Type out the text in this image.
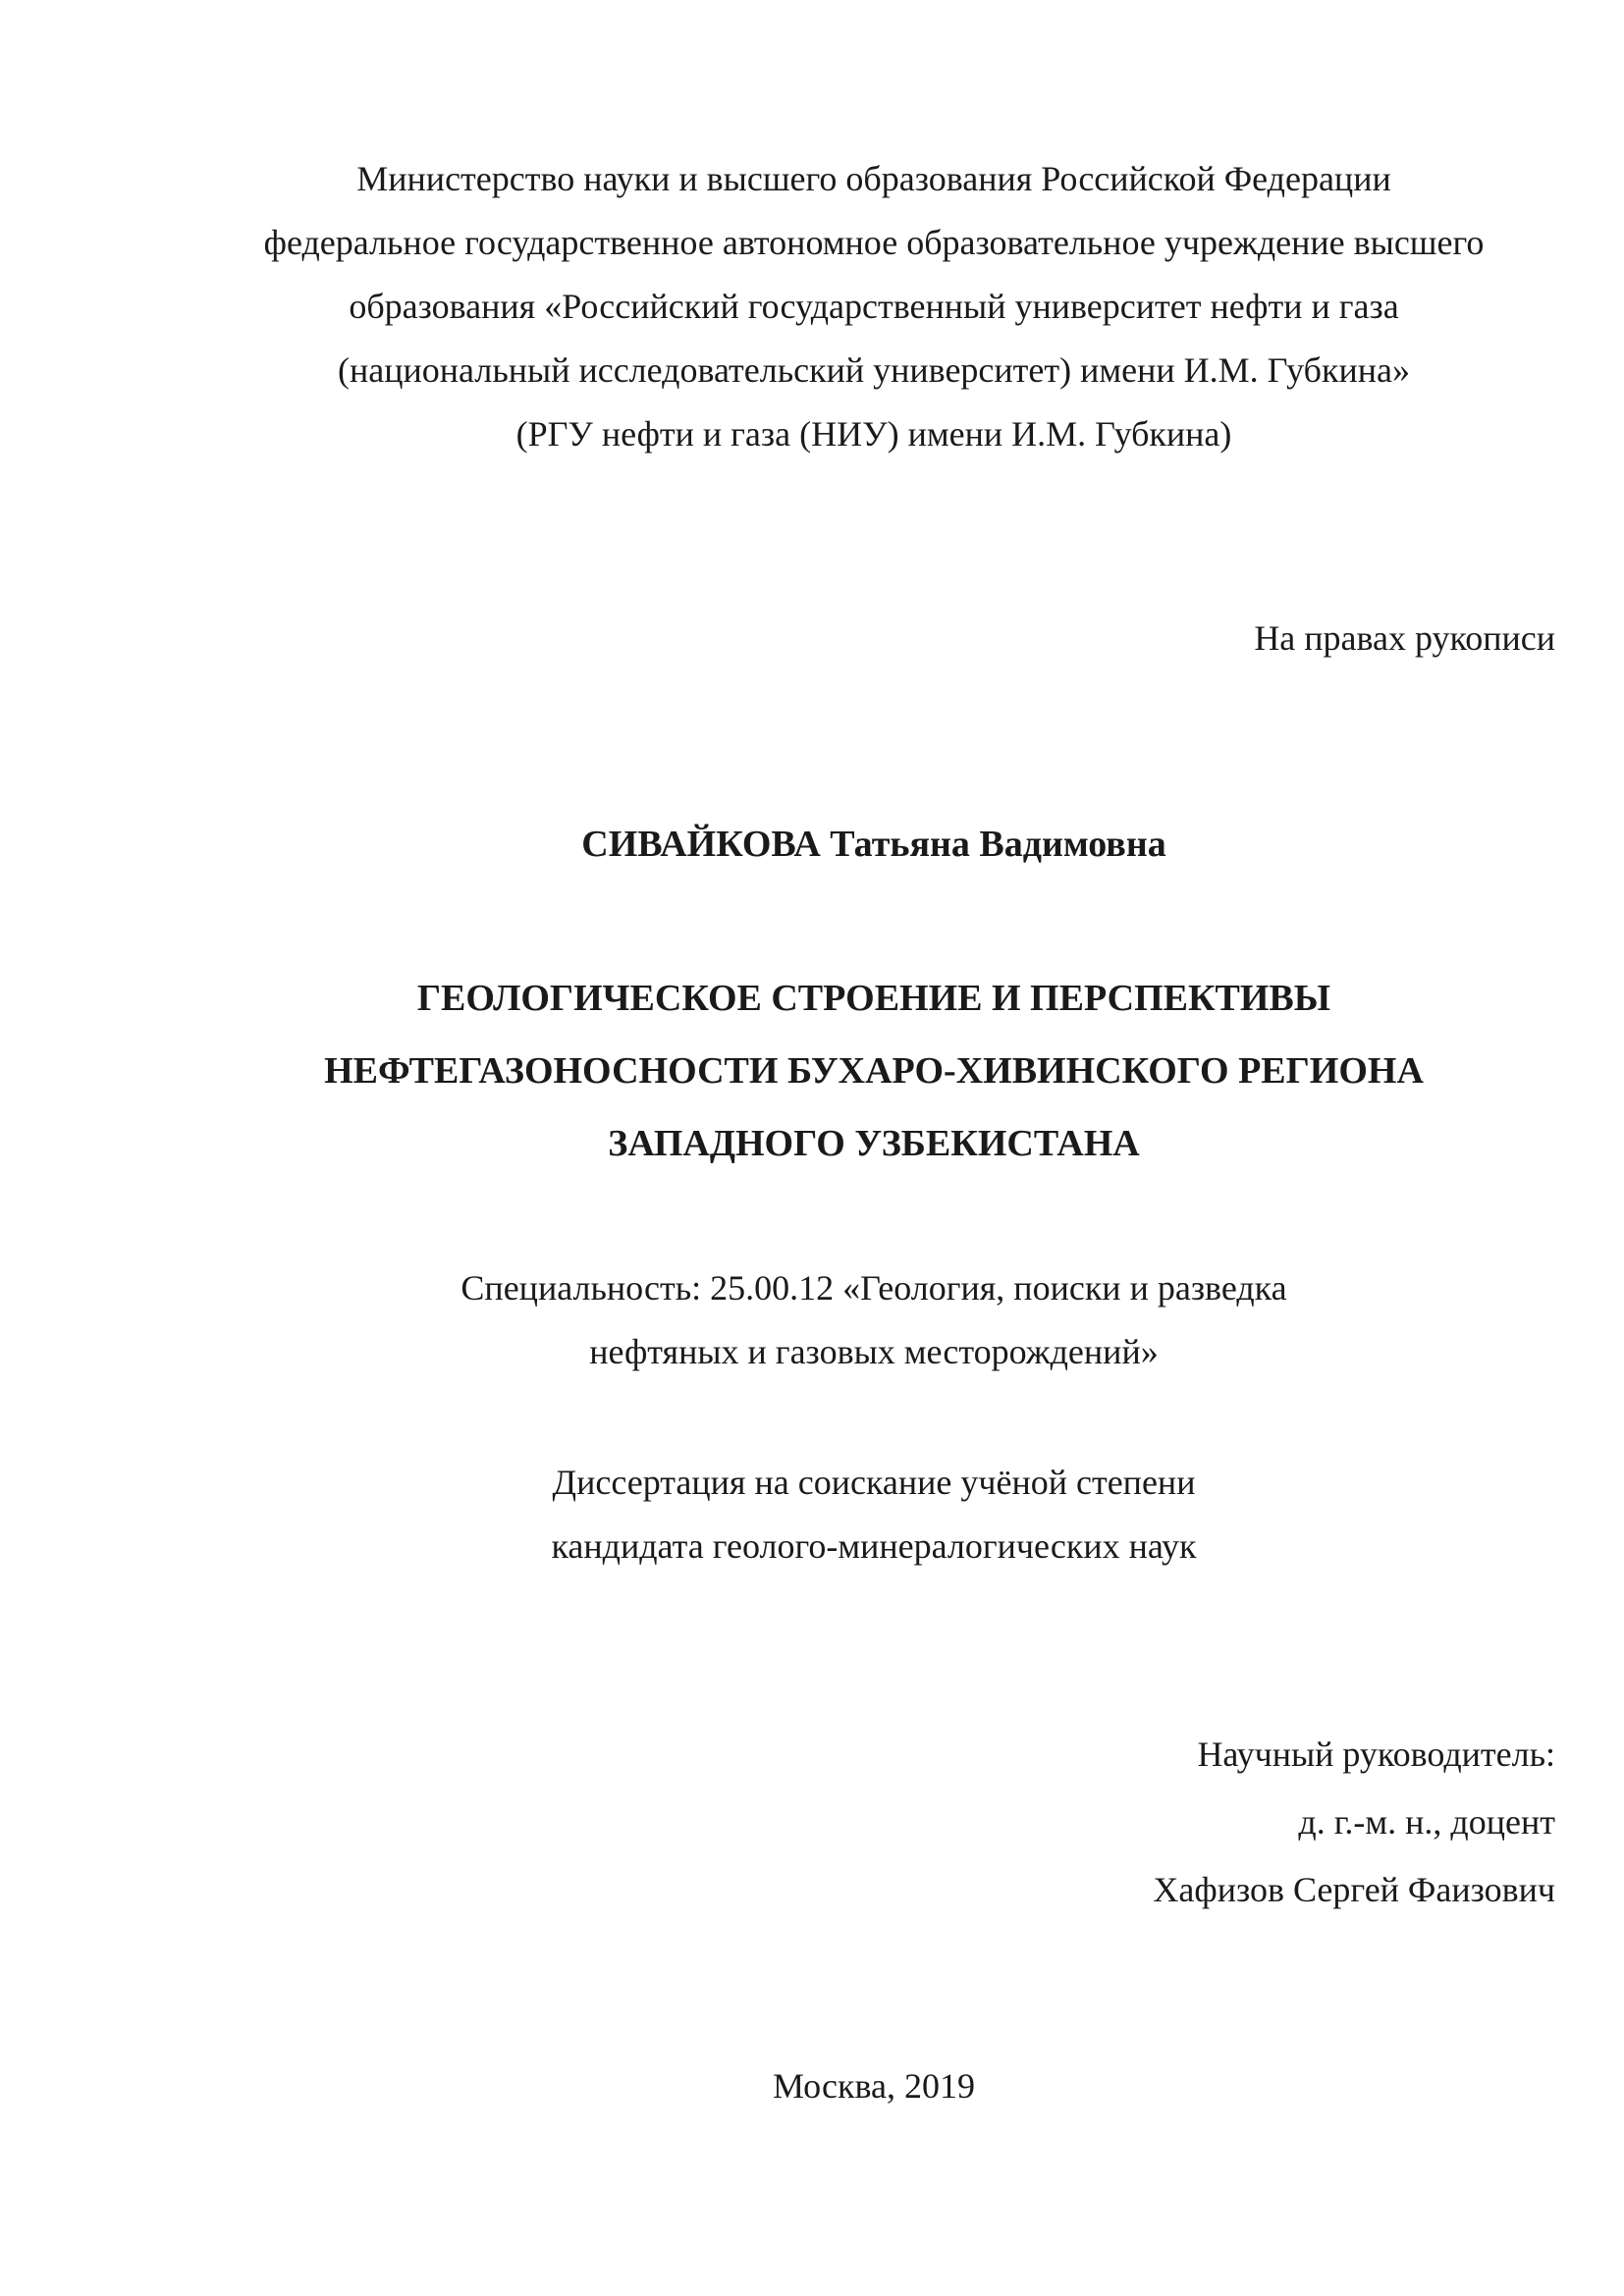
Министерство науки и высшего образования Российской Федерации
федеральное государственное автономное образовательное учреждение высшего
образования «Российский государственный университет нефти и газа
(национальный исследовательский университет) имени И.М. Губкина»
(РГУ нефти и газа (НИУ) имени И.М. Губкина)
На правах рукописи
СИВАЙКОВА Татьяна Вадимовна
ГЕОЛОГИЧЕСКОЕ СТРОЕНИЕ И ПЕРСПЕКТИВЫ
НЕФТЕГАЗОНОСНОСТИ БУХАРО-ХИВИНСКОГО РЕГИОНА
ЗАПАДНОГО УЗБЕКИСТАНА
Специальность: 25.00.12 «Геология, поиски и разведка
нефтяных и газовых месторождений»
Диссертация на соискание учёной степени
кандидата геолого-минералогических наук
Научный руководитель:
д. г.-м. н., доцент
Хафизов Сергей Фаизович
Москва, 2019
